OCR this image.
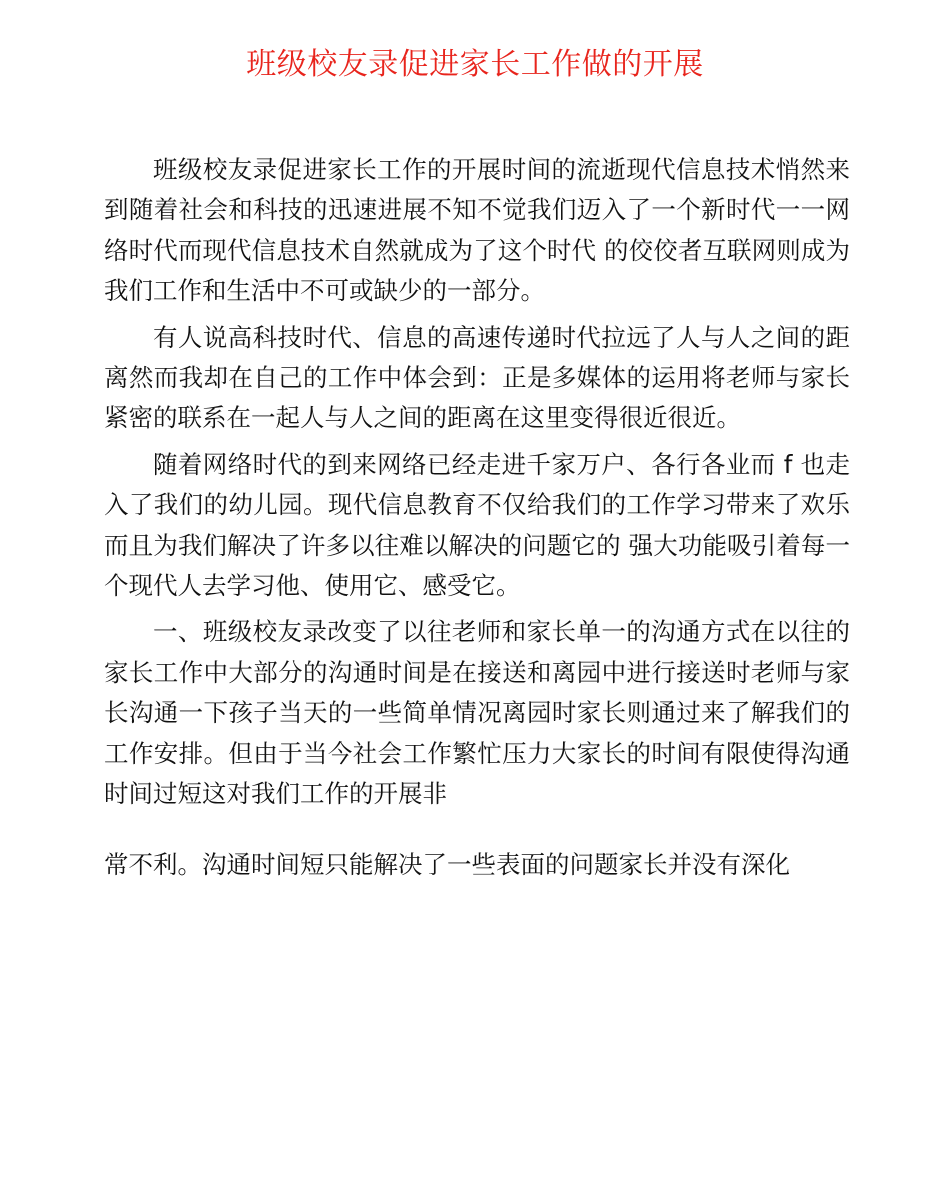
班级校友录促进家长工作做的开展

班级校友录促进家长工作的开展时间的流逝现代信息技术悄然来到随着社会和科技的迅速进展不知不觉我们迈入了一个新时代一一网络时代而现代信息技术自然就成为了这个时代 的佼佼者互联网则成为我们工作和生活中不可或缺少的一部分。

有人说高科技时代、信息的高速传递时代拉远了人与人之间的距离然而我却在自己的工作中体会到：正是多媒体的运用将老师与家长紧密的联系在一起人与人之间的距离在这里变得很近很近。

随着网络时代的到来网络已经走进千家万户、各行各业而 f 也走入了我们的幼儿园。现代信息教育不仅给我们的工作学习带来了欢乐而且为我们解决了许多以往难以解决的问题它的 强大功能吸引着每一个现代人去学习他、使用它、感受它。

一、班级校友录改变了以往老师和家长单一的沟通方式在以往的家长工作中大部分的沟通时间是在接送和离园中进行接送时老师与家长沟通一下孩子当天的一些简单情况离园时家长则通过来了解我们的工作安排。但由于当今社会工作繁忙压力大家长的时间有限使得沟通时间过短这对我们工作的开展非

常不利。沟通时间短只能解决了一些表面的问题家长并没有深化
